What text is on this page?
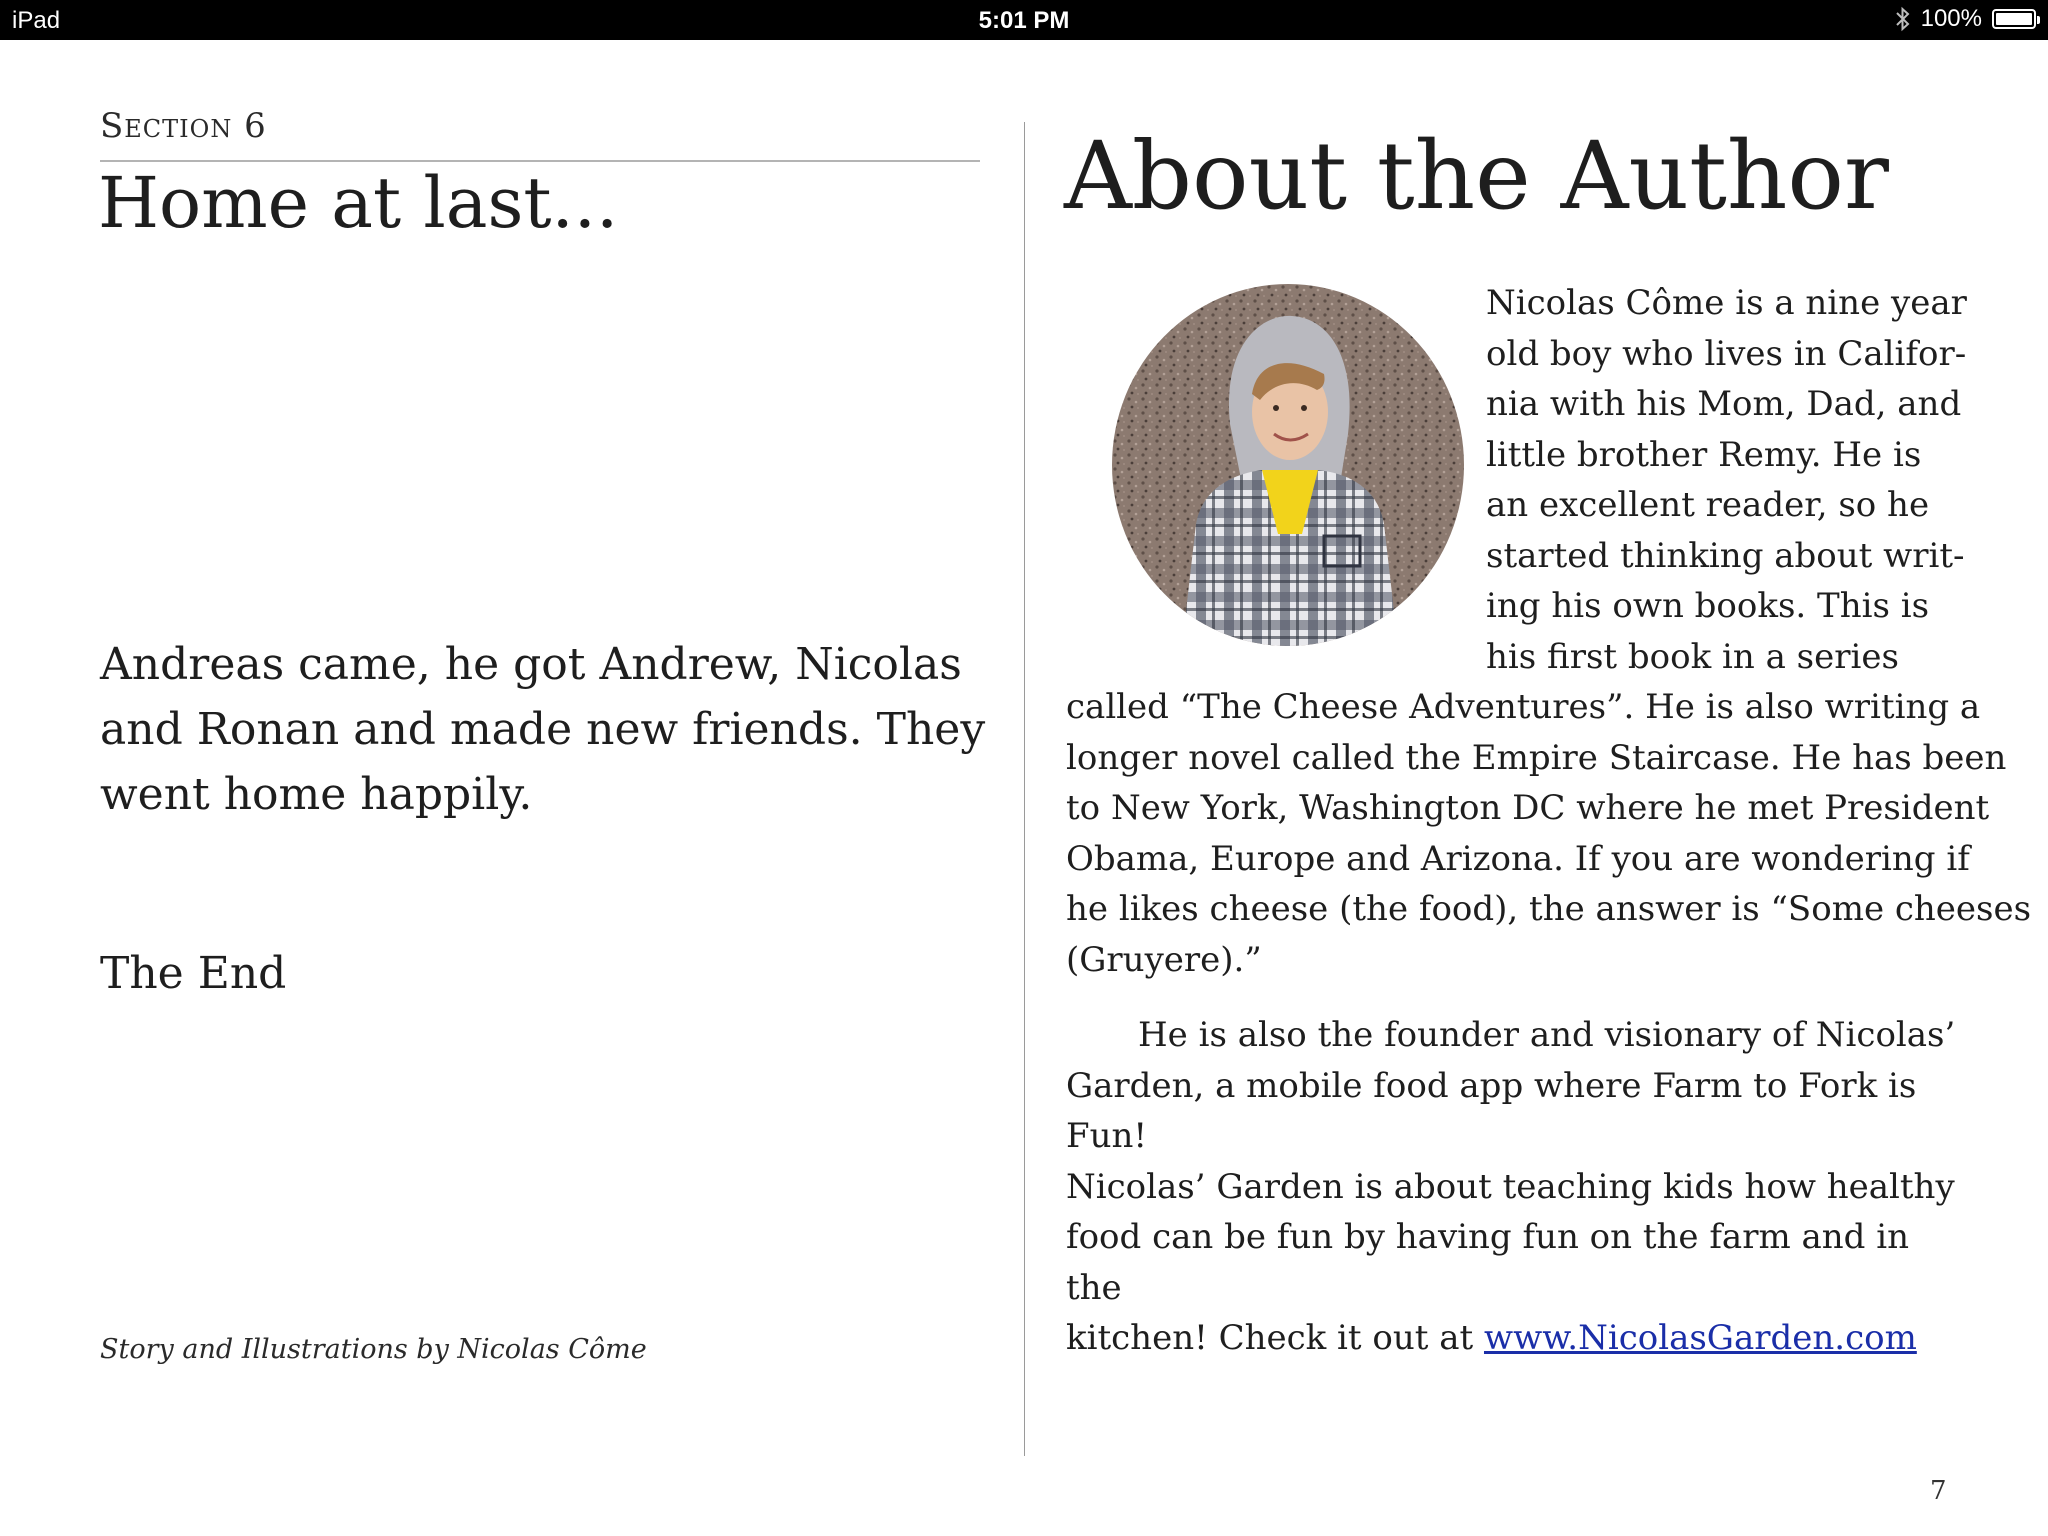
iPad	5:01 PM	100%
Section 6
Home at last...
Andreas came, he got Andrew, Nicolas and Ronan and made new friends. They went home happily.
The End
Story and Illustrations by Nicolas Côme
About the Author
Nicolas Côme is a nine year
old boy who lives in Califor-
nia with his Mom, Dad, and
little brother Remy. He is
an excellent reader, so he
started thinking about writ-
ing his own books. This is
his first book in a series
called “The Cheese Adventures”. He is also writing a
longer novel called the Empire Staircase. He has been
to New York, Washington DC where he met President
Obama, Europe and Arizona. If you are wondering if
he likes cheese (the food), the answer is “Some cheeses
(Gruyere).”
He is also the founder and visionary of Nicolas’
Garden, a mobile food app where Farm to Fork is Fun!
Nicolas’ Garden is about teaching kids how healthy
food can be fun by having fun on the farm and in the
kitchen! Check it out at www.NicolasGarden.com
7
